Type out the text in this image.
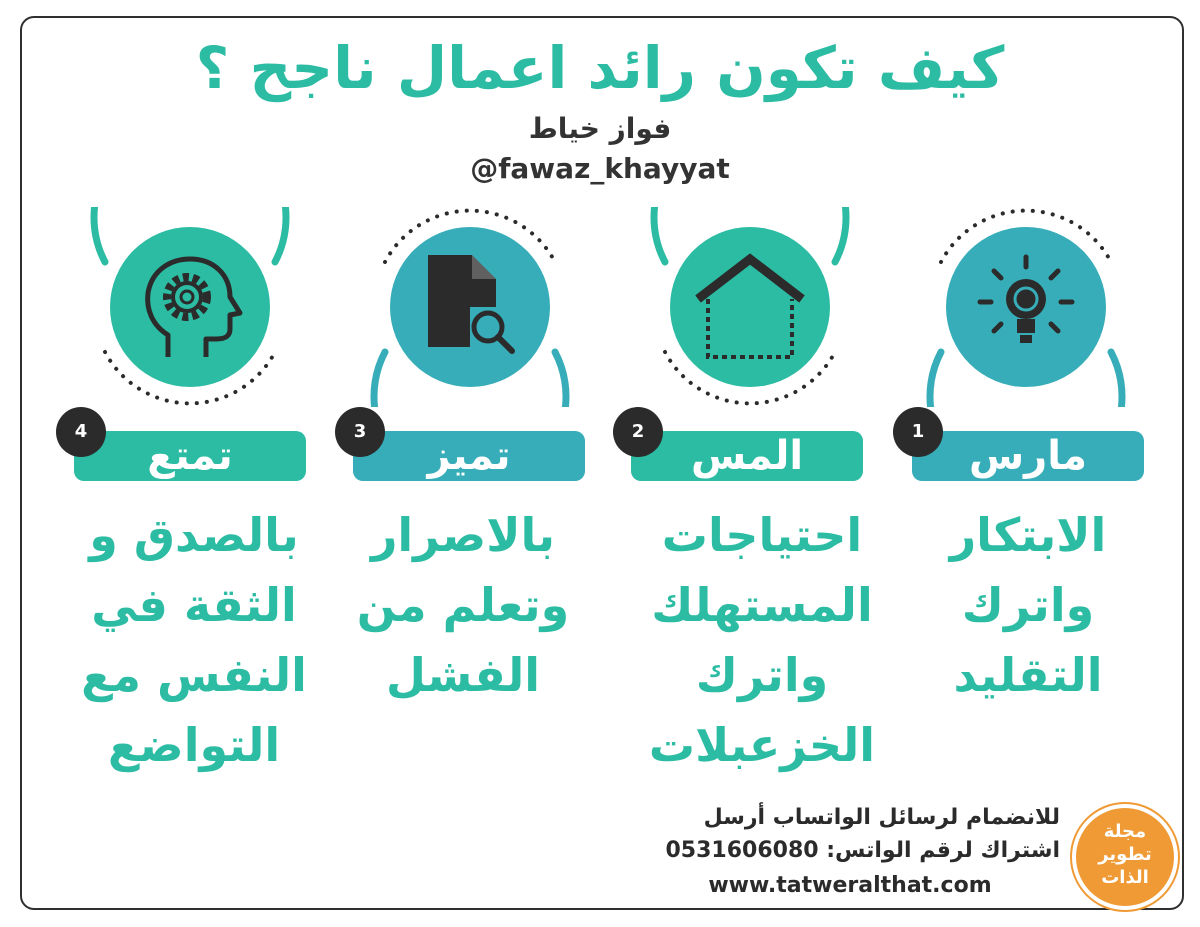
كيف تكون رائد اعمال ناجح ؟
فواز خياط
@fawaz_khayyat
تمتع	تميز	المس	مارس
4	3	2	1
بالصدق و
الثقة في
النفس مع
التواضع
بالاصرار
وتعلم من
الفشل
احتياجات
المستهلك
واترك
الخزعبلات
الابتكار
واترك
التقليد
للانضمام لرسائل الواتساب أرسل
اشتراك لرقم الواتس: 0531606080
www.tatweralthat.com
مجلة
تطوير
الذات
